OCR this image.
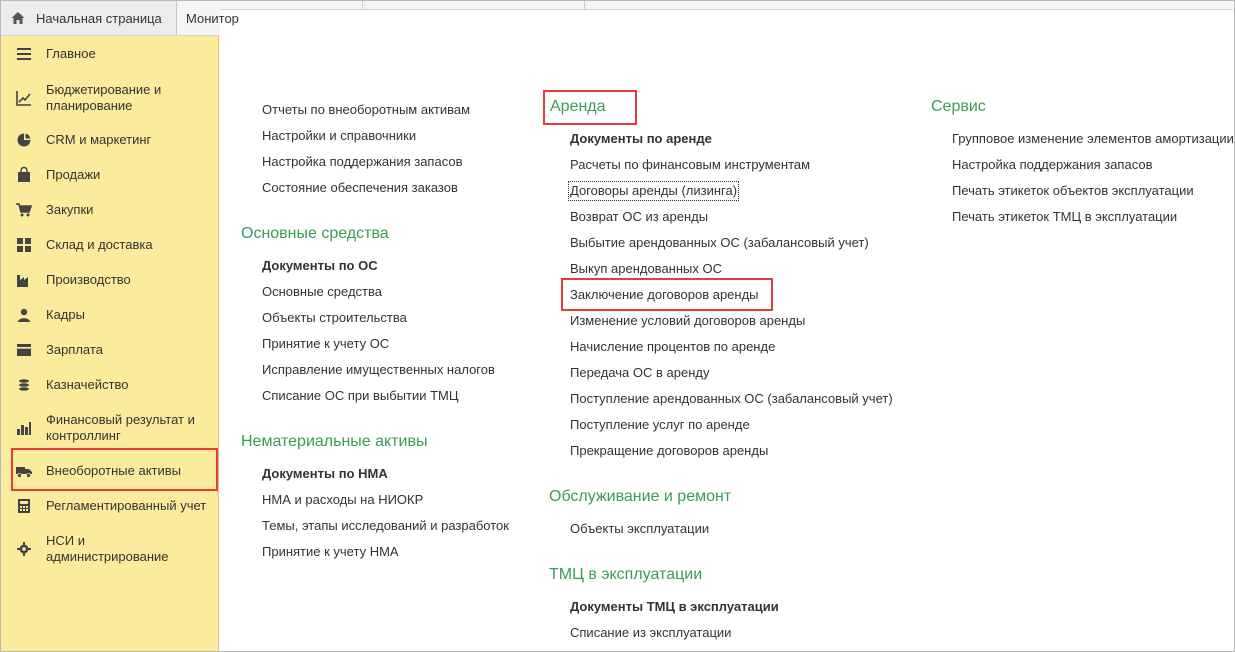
Начальная страница Монитор
Главное
Бюджетирование и
планирование
CRM и маркетинг
Продажи
Закупки
Склад и доставка
Производство
Кадры
Зарплата
Казначейство
Финансовый результат и
контроллинг
Внеоборотные активы
Регламентированный учет
НСИ и
администрирование
Отчеты по внеоборотным активам
Настройки и справочники
Настройка поддержания запасов
Состояние обеспечения заказов
Основные средства
Документы по ОС
Основные средства
Объекты строительства
Принятие к учету ОС
Исправление имущественных налогов
Списание ОС при выбытии ТМЦ
Нематериальные активы
Документы по НМА
НМА и расходы на НИОКР
Темы, этапы исследований и разработок
Принятие к учету НМА
Аренда
Документы по аренде
Расчеты по финансовым инструментам
Договоры аренды (лизинга)
Возврат ОС из аренды
Выбытие арендованных ОС (забалансовый учет)
Выкуп арендованных ОС
Заключение договоров аренды
Изменение условий договоров аренды
Начисление процентов по аренде
Передача ОС в аренду
Поступление арендованных ОС (забалансовый учет)
Поступление услуг по аренде
Прекращение договоров аренды
Обслуживание и ремонт
Объекты эксплуатации
ТМЦ в эксплуатации
Документы ТМЦ в эксплуатации
Списание из эксплуатации
Сервис
Групповое изменение элементов амортизации
Настройка поддержания запасов
Печать этикеток объектов эксплуатации
Печать этикеток ТМЦ в эксплуатации
